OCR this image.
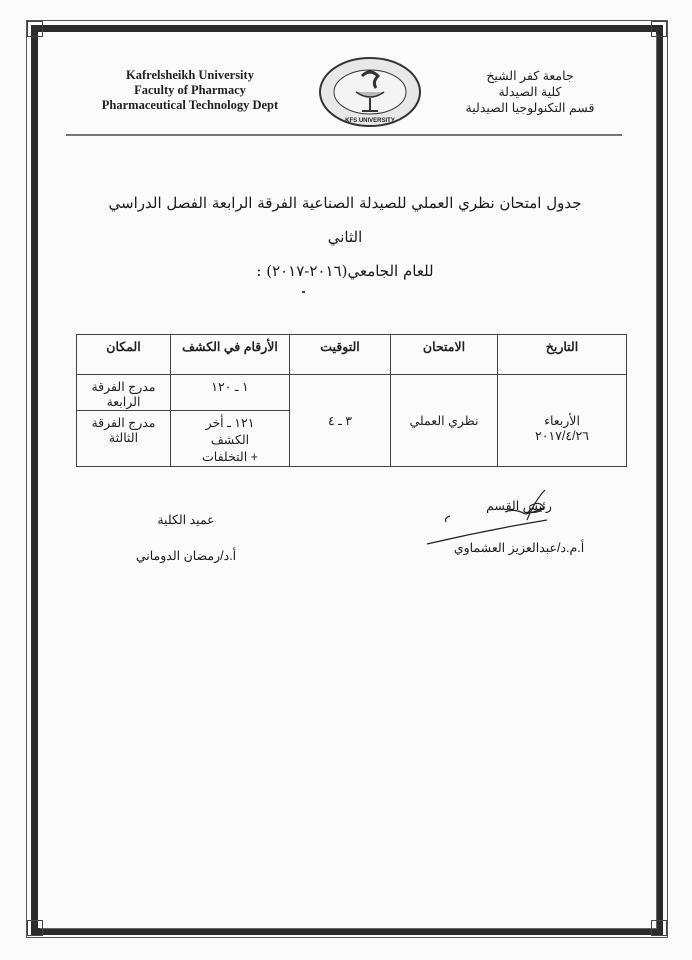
Kafrelsheikh University
Faculty of Pharmacy
Pharmaceutical Technology Dept
KFS UNIVERSITY
جامعة كفر الشيخ
كلية الصيدلة
قسم التكنولوجيا الصيدلية
جدول امتحان نظري العملي للصيدلة الصناعية الفرقة الرابعة الفصل الدراسي الثاني
للعام الجامعي(٢٠١٦-٢٠١٧) :
التاريخ	الامتحان	التوقيت	الأرقام في الكشف	المكان

الأربعاء
٢٠١٧/٤/٢٦	نظري العملي	٣ ـ ٤	١ ـ ١٢٠	مدرج الفرقة الرابعة

			١٢١ ـ أخر
الكشف
+ التخلفات	مدرج الفرقة الثالثة
عميد الكلية
أ.د/رمضان الدوماني
رئيس القسم
أ.م.د/عبدالعزيز العشماوي
